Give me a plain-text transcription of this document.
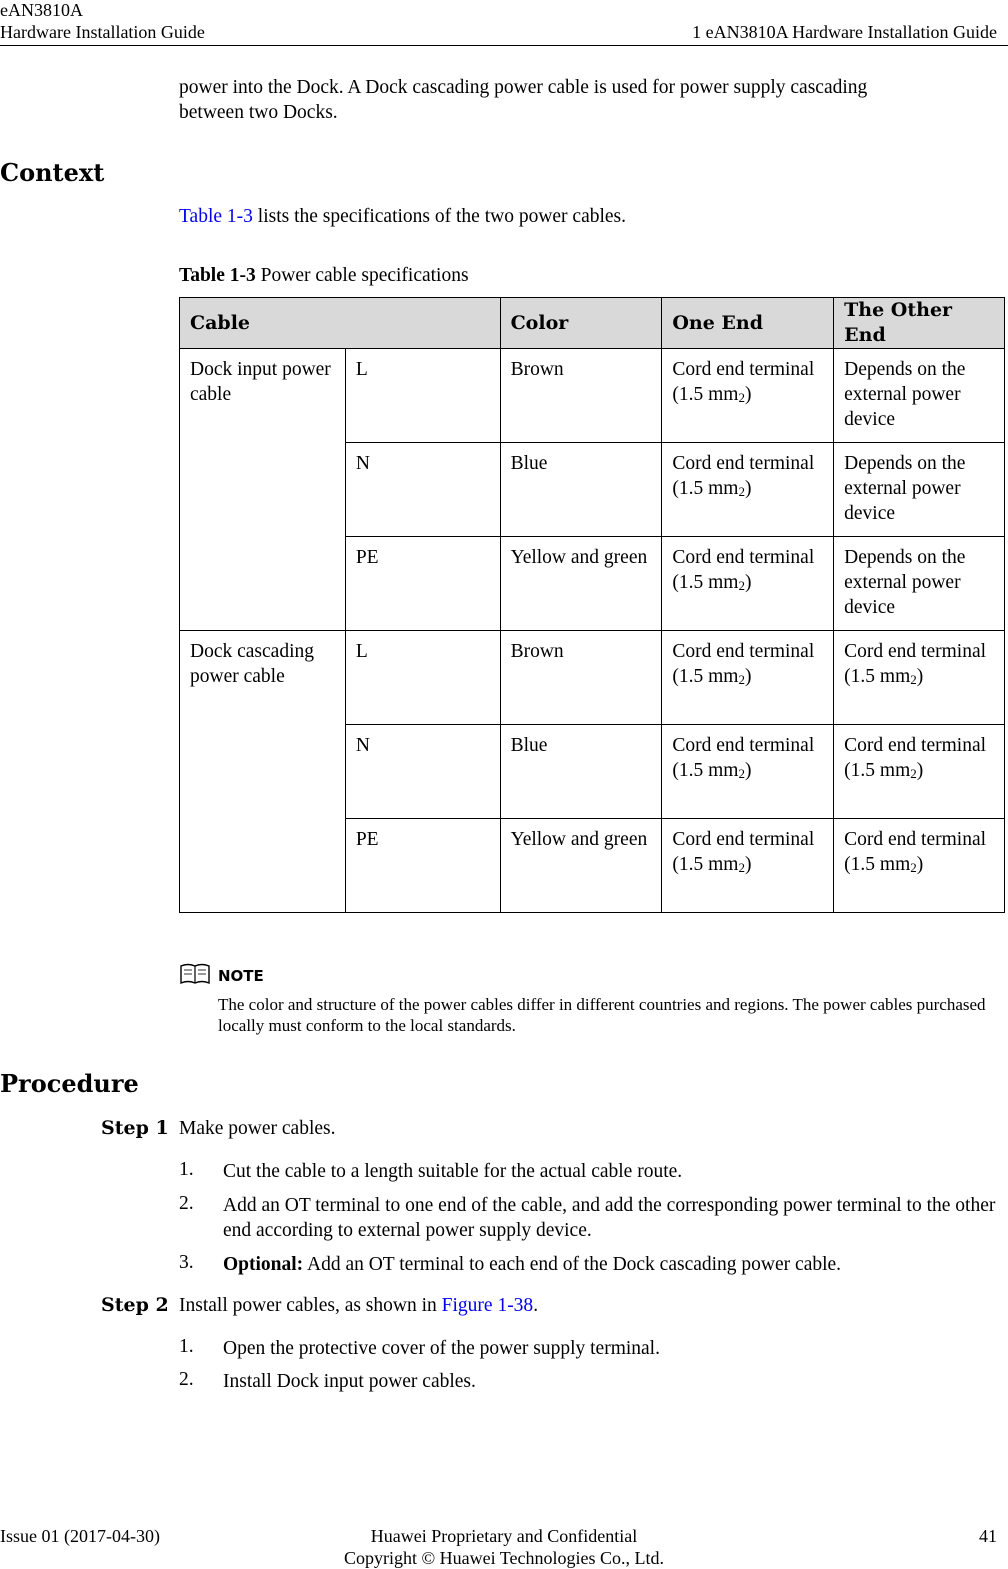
eAN3810A
Hardware Installation Guide	1 eAN3810A Hardware Installation Guide
power into the Dock. A Dock cascading power cable is used for power supply cascading
between two Docks.
Context
Table 1-3 lists the specifications of the two power cables.
Table 1-3 Power cable specifications
Cable		Color	One End	The Other End
Dock input power cable	L	Brown	Cord end terminal (1.5 $mm_2$)	Depends on the external power device
	N	Blue	Cord end terminal (1.5 $mm_2$)	Depends on the external power device
	PE	Yellow and green	Cord end terminal (1.5 $mm_2$)	Depends on the external power device
Dock cascading power cable	L	Brown	Cord end terminal (1.5 $mm_2$)	Cord end terminal (1.5 $mm_2$)
	N	Blue	Cord end terminal (1.5 $mm_2$)	Cord end terminal (1.5 $mm_2$)
	PE	Yellow and green	Cord end terminal (1.5 $mm_2$)	Cord end terminal (1.5 $mm_2$)
NOTE
The color and structure of the power cables differ in different countries and regions. The power cables purchased locally must conform to the local standards.
Procedure
Step 1 Make power cables.
1. Cut the cable to a length suitable for the actual cable route.
2. Add an OT terminal to one end of the cable, and add the corresponding power terminal to the other end according to external power supply device.
3. Optional: Add an OT terminal to each end of the Dock cascading power cable.
Step 2 Install power cables, as shown in Figure 1-38.
1. Open the protective cover of the power supply terminal.
2. Install Dock input power cables.
Issue 01 (2017-04-30)	Huawei Proprietary and Confidential
Copyright © Huawei Technologies Co., Ltd.
41
